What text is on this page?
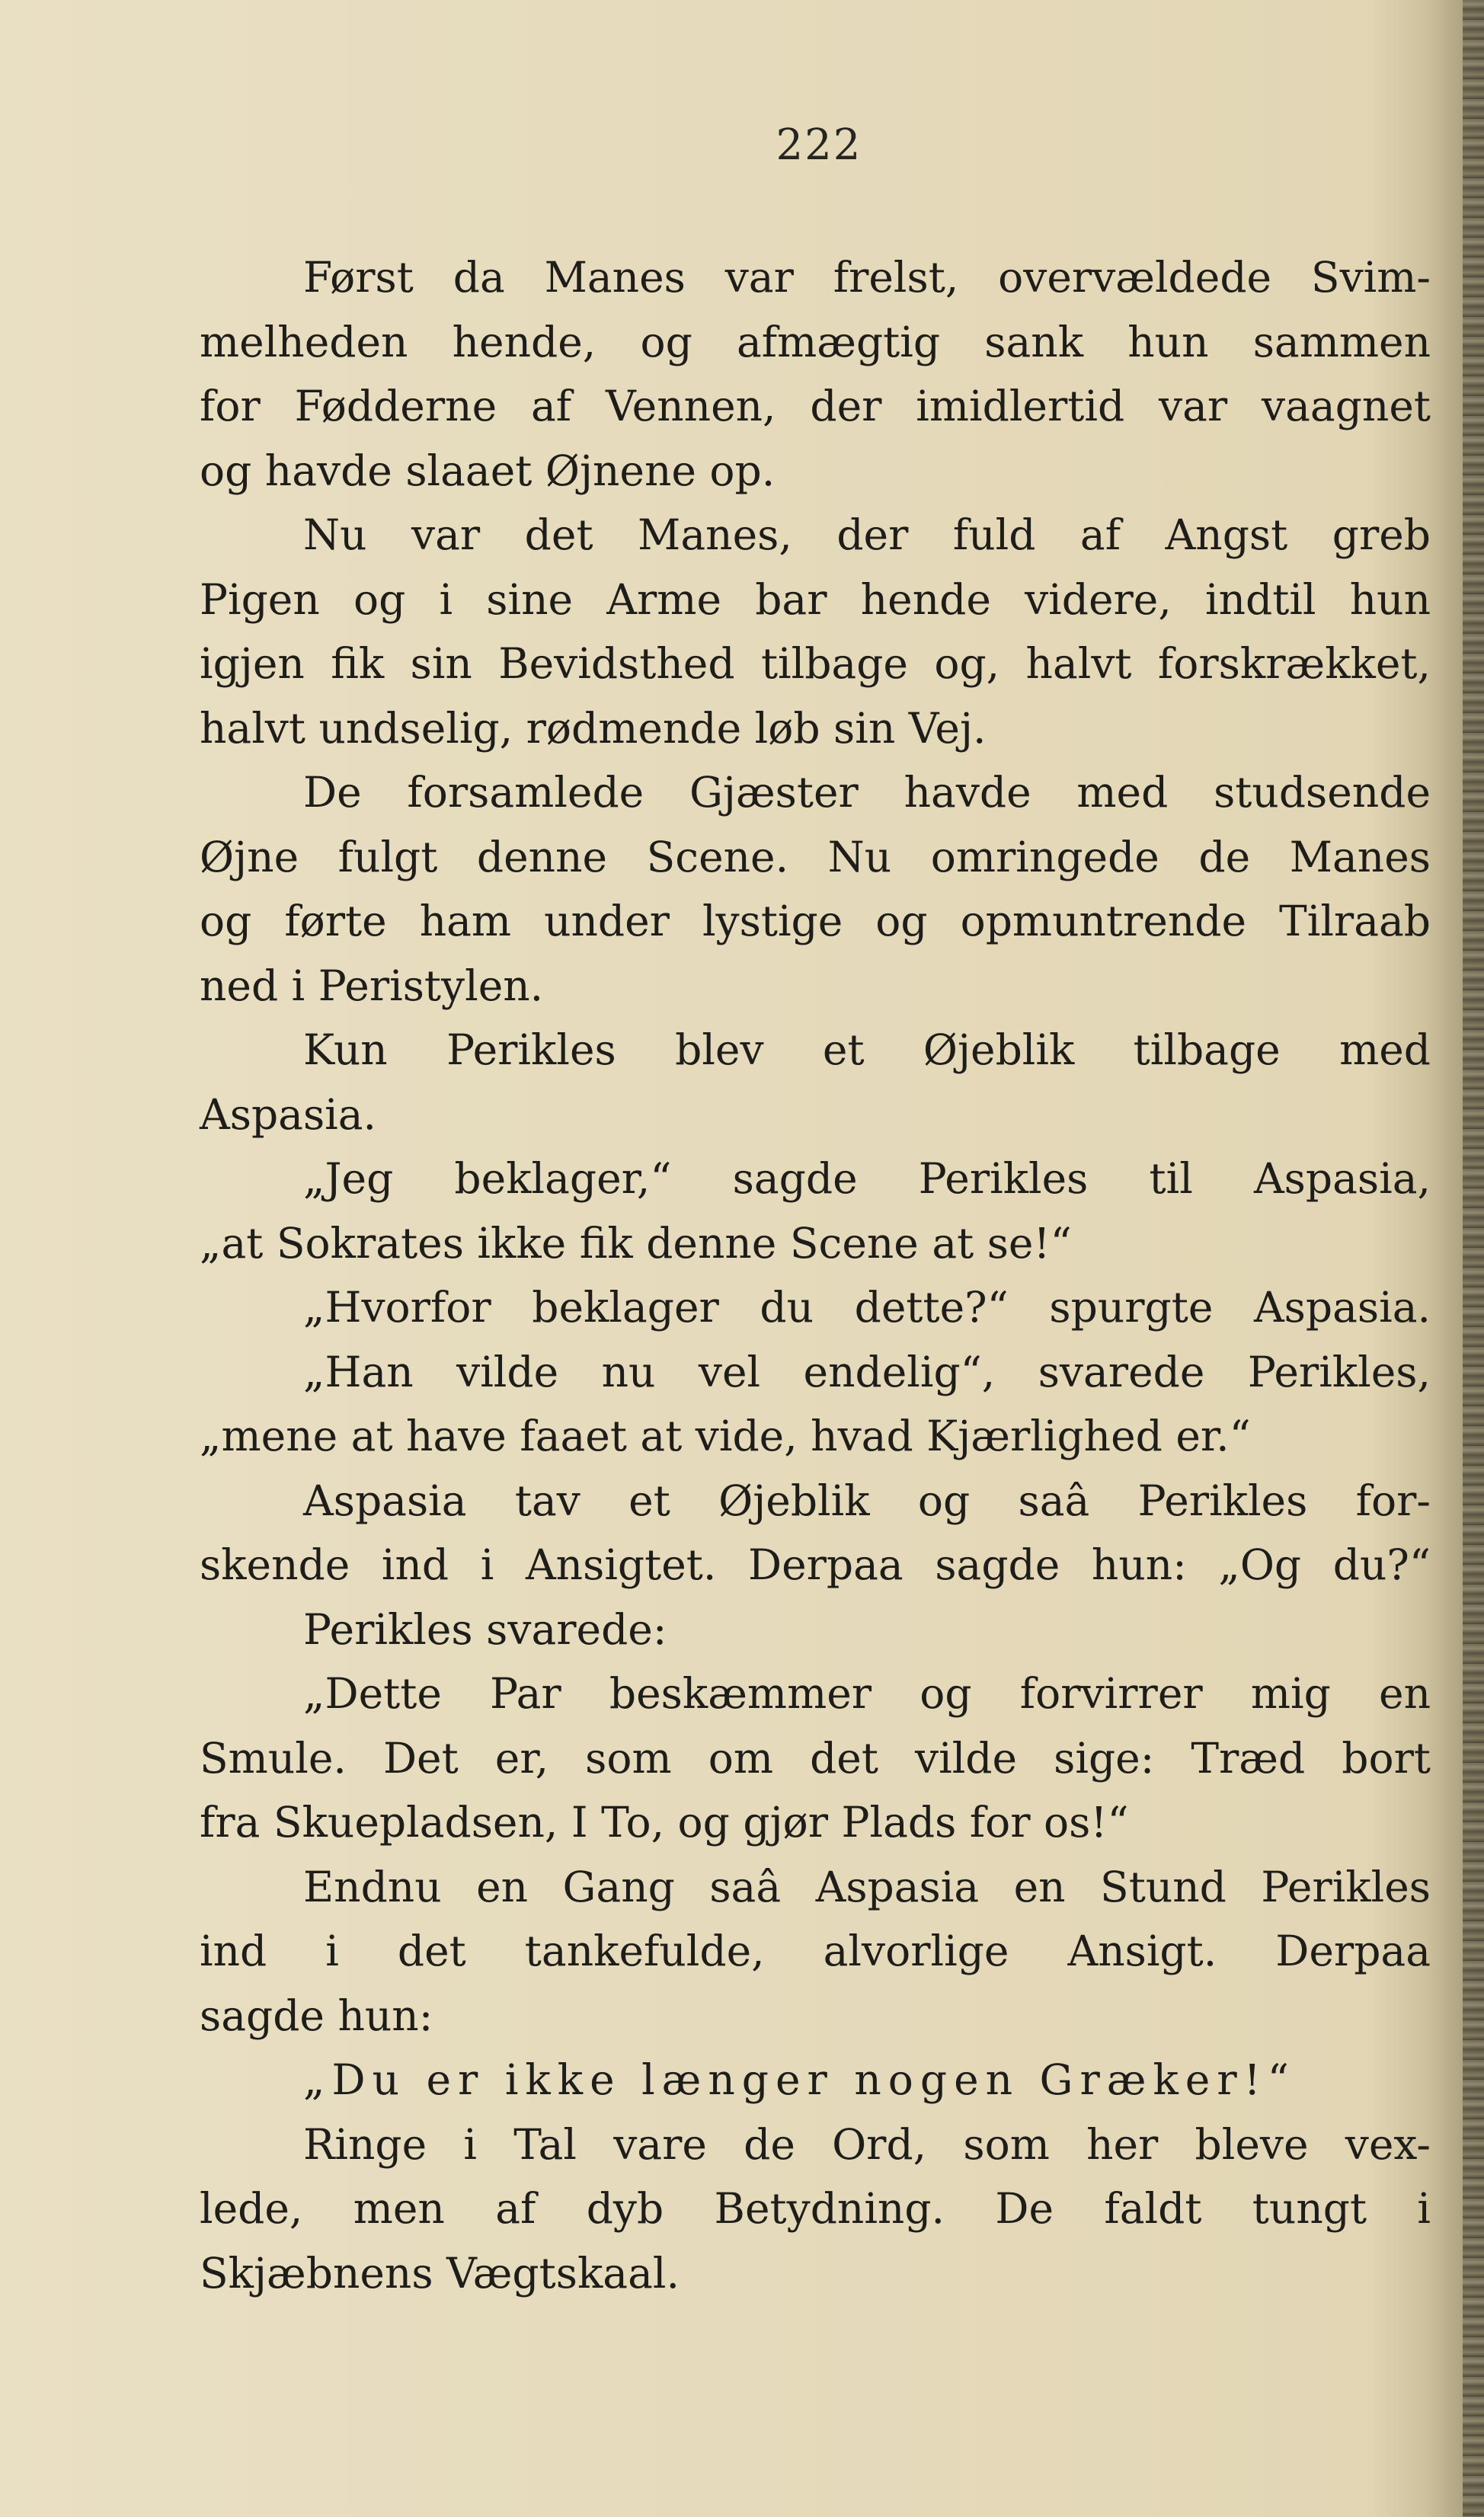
222
Først da Manes var frelst, overvældede Svim-
melheden hende, og afmægtig sank hun sammen
for Fødderne af Vennen, der imidlertid var vaagnet
og havde slaaet Øjnene op.
Nu var det Manes, der fuld af Angst greb
Pigen og i sine Arme bar hende videre, indtil hun
igjen fik sin Bevidsthed tilbage og, halvt forskrækket,
halvt undselig, rødmende løb sin Vej.
De forsamlede Gjæster havde med studsende
Øjne fulgt denne Scene. Nu omringede de Manes
og førte ham under lystige og opmuntrende Tilraab
ned i Peristylen.
Kun Perikles blev et Øjeblik tilbage med
Aspasia.
„Jeg beklager,“ sagde Perikles til Aspasia,
„at Sokrates ikke fik denne Scene at se!“
„Hvorfor beklager du dette?“ spurgte Aspasia.
„Han vilde nu vel endelig“, svarede Perikles,
„mene at have faaet at vide, hvad Kjærlighed er.“
Aspasia tav et Øjeblik og saâ Perikles for-
skende ind i Ansigtet. Derpaa sagde hun: „Og du?“
Perikles svarede:
„Dette Par beskæmmer og forvirrer mig en
Smule. Det er, som om det vilde sige: Træd bort
fra Skuepladsen, I To, og gjør Plads for os!“
Endnu en Gang saâ Aspasia en Stund Perikles
ind i det tankefulde, alvorlige Ansigt. Derpaa
sagde hun:
„Du er ikke længer nogen Græker!“
Ringe i Tal vare de Ord, som her bleve vex-
lede, men af dyb Betydning. De faldt tungt i
Skjæbnens Vægtskaal.
